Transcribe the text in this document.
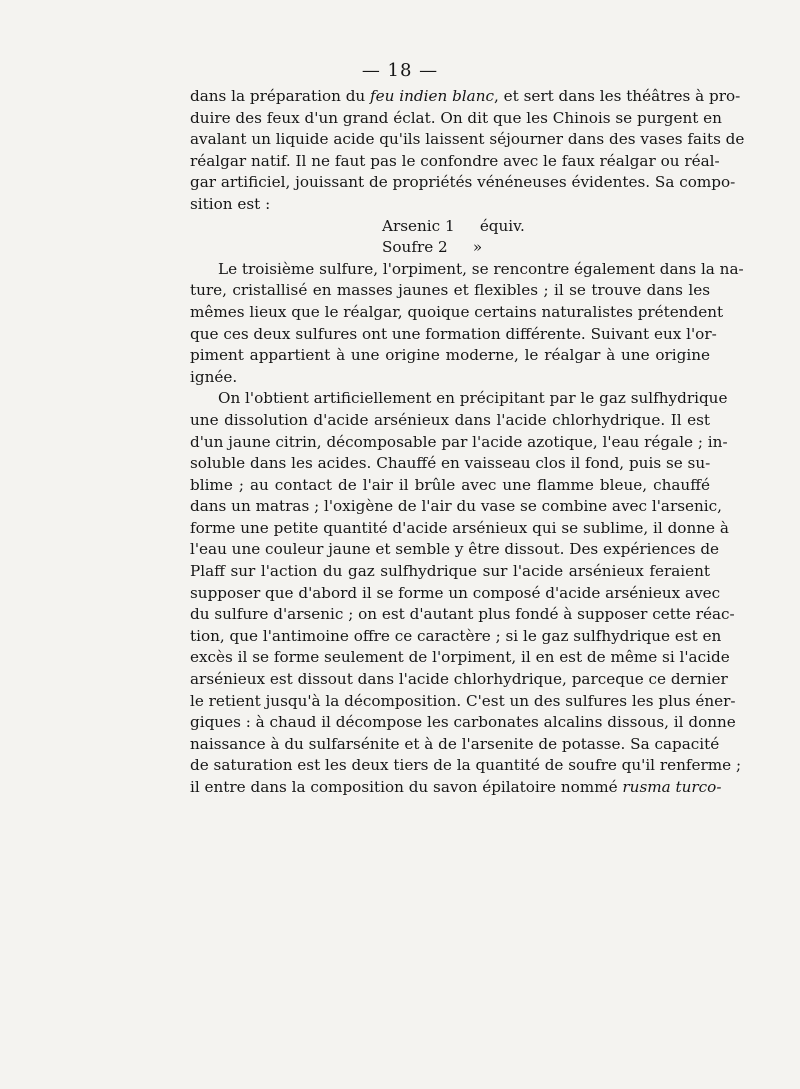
— 18 —
dans la préparation du feu indien blanc, et sert dans les théâtres à pro-
duire des feux d'un grand éclat. On dit que les Chinois se purgent en
avalant un liquide acide qu'ils laissent séjourner dans des vases faits de
réalgar natif. Il ne faut pas le confondre avec le faux réalgar ou réal-
gar artificiel, jouissant de propriétés vénéneuses évidentes. Sa compo-
sition est :
Arsenic 1 équiv.
Soufre 2 »
Le troisième sulfure, l'orpiment, se rencontre également dans la na-
ture, cristallisé en masses jaunes et flexibles ; il se trouve dans les
mêmes lieux que le réalgar, quoique certains naturalistes prétendent
que ces deux sulfures ont une formation différente. Suivant eux l'or-
piment appartient à une origine moderne, le réalgar à une origine
ignée.
On l'obtient artificiellement en précipitant par le gaz sulfhydrique
une dissolution d'acide arsénieux dans l'acide chlorhydrique. Il est
d'un jaune citrin, décomposable par l'acide azotique, l'eau régale ; in-
soluble dans les acides. Chauffé en vaisseau clos il fond, puis se su-
blime ; au contact de l'air il brûle avec une flamme bleue, chauffé
dans un matras ; l'oxigène de l'air du vase se combine avec l'arsenic,
forme une petite quantité d'acide arsénieux qui se sublime, il donne à
l'eau une couleur jaune et semble y être dissout. Des expériences de
Plaff sur l'action du gaz sulfhydrique sur l'acide arsénieux feraient
supposer que d'abord il se forme un composé d'acide arsénieux avec
du sulfure d'arsenic ; on est d'autant plus fondé à supposer cette réac-
tion, que l'antimoine offre ce caractère ; si le gaz sulfhydrique est en
excès il se forme seulement de l'orpiment, il en est de même si l'acide
arsénieux est dissout dans l'acide chlorhydrique, parceque ce dernier
le retient jusqu'à la décomposition. C'est un des sulfures les plus éner-
giques : à chaud il décompose les carbonates alcalins dissous, il donne
naissance à du sulfarsénite et à de l'arsenite de potasse. Sa capacité
de saturation est les deux tiers de la quantité de soufre qu'il renferme ;
il entre dans la composition du savon épilatoire nommé rusma turco-
